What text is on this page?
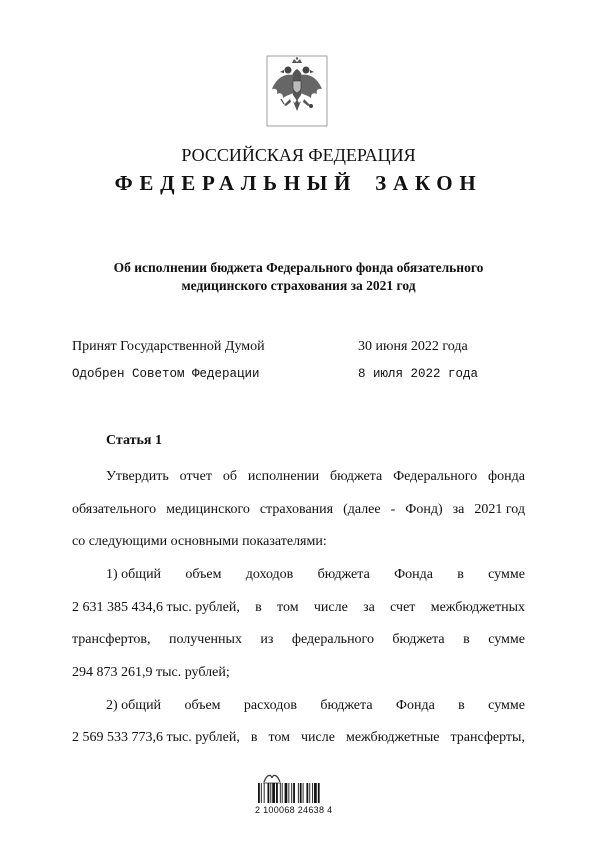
РОССИЙСКАЯ ФЕДЕРАЦИЯ
ФЕДЕРАЛЬНЫЙ ЗАКОН
Об исполнении бюджета Федерального фонда обязательного
медицинского страхования за 2021 год
Принят Государственной Думой	30 июня 2022 года
Одобрен Советом Федерации	8 июля 2022 года
Статья 1
Утвердить отчет об исполнении бюджета Федерального фонда
обязательного медицинского страхования (далее - Фонд) за 2021 год
со следующими основными показателями:
1) общий объем доходов бюджета Фонда в сумме
2 631 385 434,6 тыс. рублей, в том числе за счет межбюджетных
трансфертов, полученных из федерального бюджета в сумме
294 873 261,9 тыс. рублей;
2) общий объем расходов бюджета Фонда в сумме
2 569 533 773,6 тыс. рублей, в том числе межбюджетные трансферты,
2 100068 24638 4
